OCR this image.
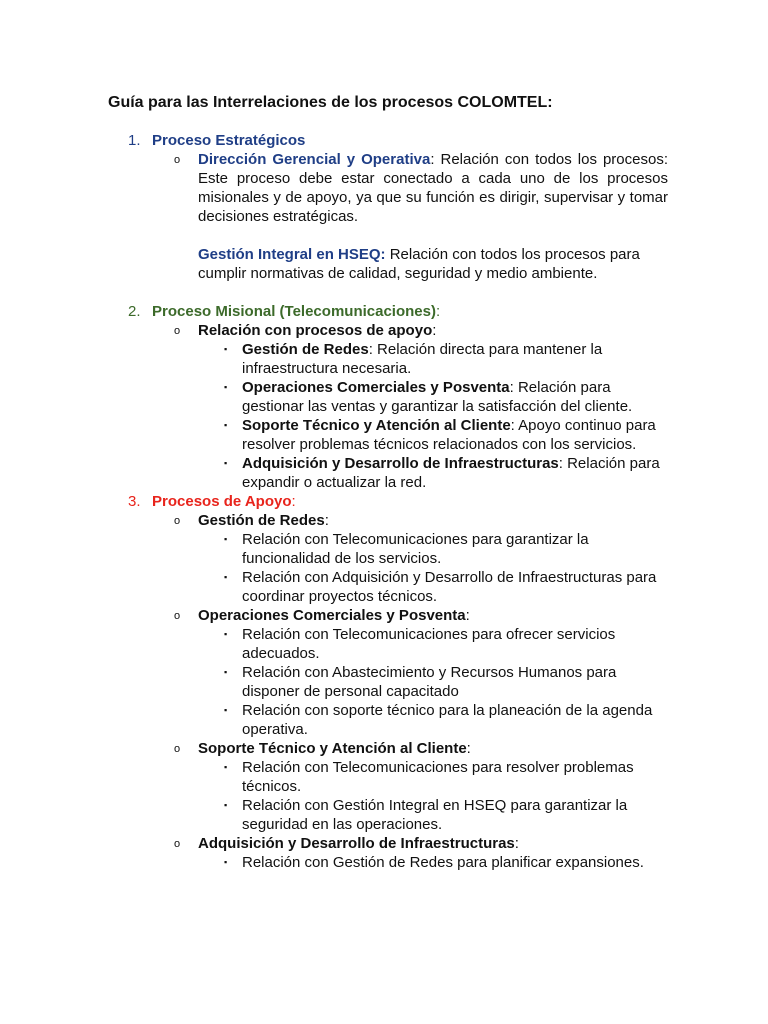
Guía para las Interrelaciones de los procesos COLOMTEL:
1. Proceso Estratégicos
o	Dirección Gerencial y Operativa: Relación con todos los procesos: Este proceso debe estar conectado a cada uno de los procesos misionales y de apoyo, ya que su función es dirigir, supervisar y tomar decisiones estratégicas.
Gestión Integral en HSEQ: Relación con todos los procesos para cumplir normativas de calidad, seguridad y medio ambiente.
2. Proceso Misional (Telecomunicaciones):
o	Relación con procesos de apoyo:
▪ Gestión de Redes: Relación directa para mantener la infraestructura necesaria.
▪ Operaciones Comerciales y Posventa: Relación para gestionar las ventas y garantizar la satisfacción del cliente.
▪ Soporte Técnico y Atención al Cliente: Apoyo continuo para resolver problemas técnicos relacionados con los servicios.
▪ Adquisición y Desarrollo de Infraestructuras: Relación para expandir o actualizar la red.
3. Procesos de Apoyo:
o	Gestión de Redes:
▪ Relación con Telecomunicaciones para garantizar la funcionalidad de los servicios.
▪ Relación con Adquisición y Desarrollo de Infraestructuras para coordinar proyectos técnicos.
o	Operaciones Comerciales y Posventa:
▪ Relación con Telecomunicaciones para ofrecer servicios adecuados.
▪ Relación con Abastecimiento y Recursos Humanos para disponer de personal capacitado
▪ Relación con soporte técnico para la planeación de la agenda operativa.
o	Soporte Técnico y Atención al Cliente:
▪ Relación con Telecomunicaciones para resolver problemas técnicos.
▪ Relación con Gestión Integral en HSEQ para garantizar la seguridad en las operaciones.
o	Adquisición y Desarrollo de Infraestructuras:
▪ Relación con Gestión de Redes para planificar expansiones.
